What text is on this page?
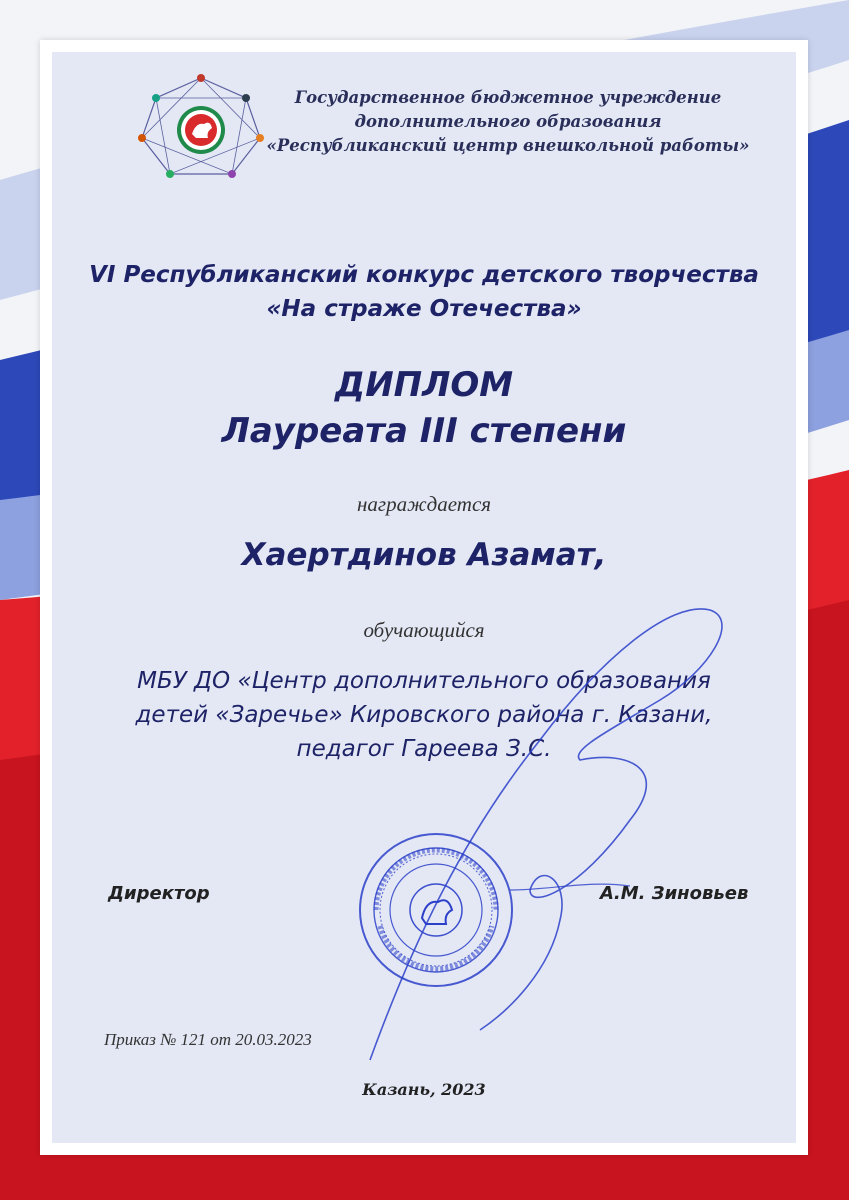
Государственное бюджетное учреждение
дополнительного образования
«Республиканский центр внешкольной работы»
VI Республиканский конкурс детского творчества
«На страже Отечества»
ДИПЛОМ
Лауреата III степени
награждается
Хаертдинов Азамат,
обучающийся
МБУ ДО «Центр дополнительного образования
детей «Заречье» Кировского района г. Казани,
педагог Гареева З.С.
Директор	А.М. Зиновьев
Приказ № 121 от 20.03.2023
Казань, 2023
